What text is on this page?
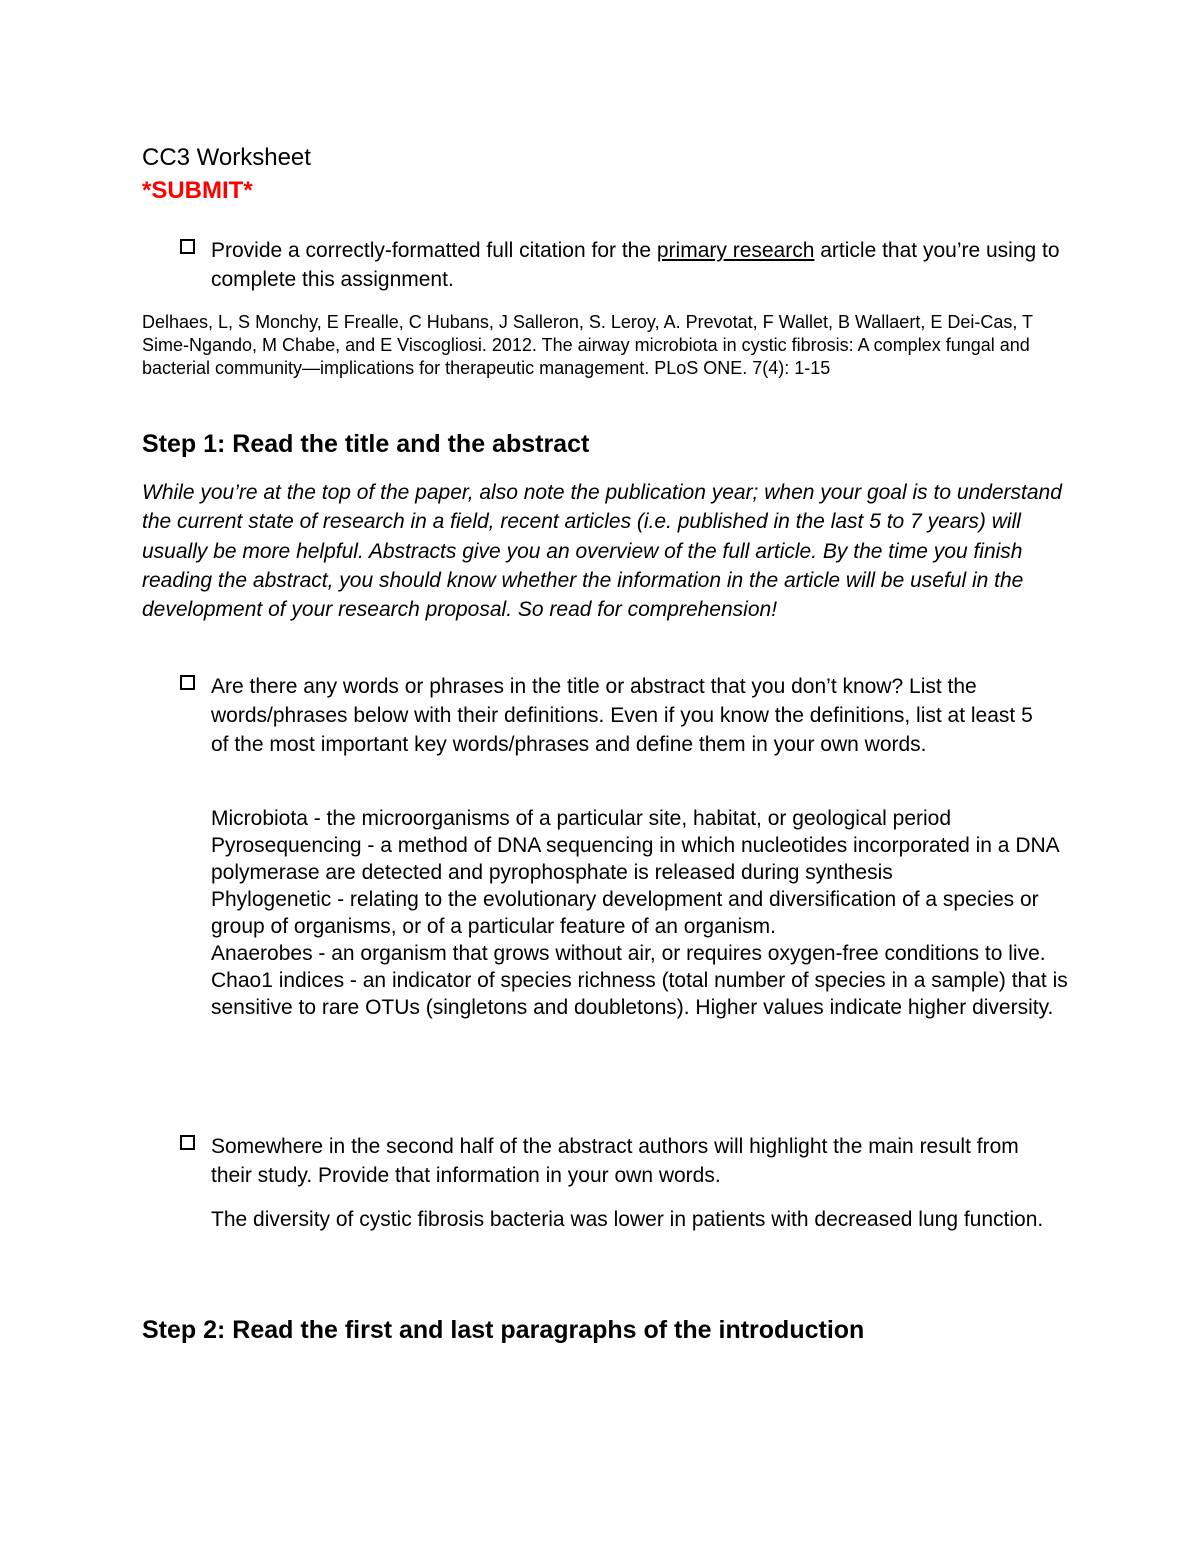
CC3 Worksheet
*SUBMIT*

Provide a correctly-formatted full citation for the primary research article that you’re using to complete this assignment.

Delhaes, L, S Monchy, E Frealle, C Hubans, J Salleron, S. Leroy, A. Prevotat, F Wallet, B Wallaert, E Dei-Cas, T Sime-Ngando, M Chabe, and E Viscogliosi. 2012. The airway microbiota in cystic fibrosis: A complex fungal and bacterial community—implications for therapeutic management. PLoS ONE. 7(4): 1-15

Step 1: Read the title and the abstract

While you’re at the top of the paper, also note the publication year; when your goal is to understand the current state of research in a field, recent articles (i.e. published in the last 5 to 7 years) will usually be more helpful. Abstracts give you an overview of the full article. By the time you finish reading the abstract, you should know whether the information in the article will be useful in the development of your research proposal. So read for comprehension!

Are there any words or phrases in the title or abstract that you don’t know? List the words/phrases below with their definitions. Even if you know the definitions, list at least 5 of the most important key words/phrases and define them in your own words.

Microbiota - the microorganisms of a particular site, habitat, or geological period
Pyrosequencing - a method of DNA sequencing in which nucleotides incorporated in a DNA polymerase are detected and pyrophosphate is released during synthesis
Phylogenetic - relating to the evolutionary development and diversification of a species or group of organisms, or of a particular feature of an organism.
Anaerobes - an organism that grows without air, or requires oxygen-free conditions to live.
Chao1 indices - an indicator of species richness (total number of species in a sample) that is sensitive to rare OTUs (singletons and doubletons). Higher values indicate higher diversity.

Somewhere in the second half of the abstract authors will highlight the main result from their study. Provide that information in your own words.

The diversity of cystic fibrosis bacteria was lower in patients with decreased lung function.
Step 2: Read the first and last paragraphs of the introduction
